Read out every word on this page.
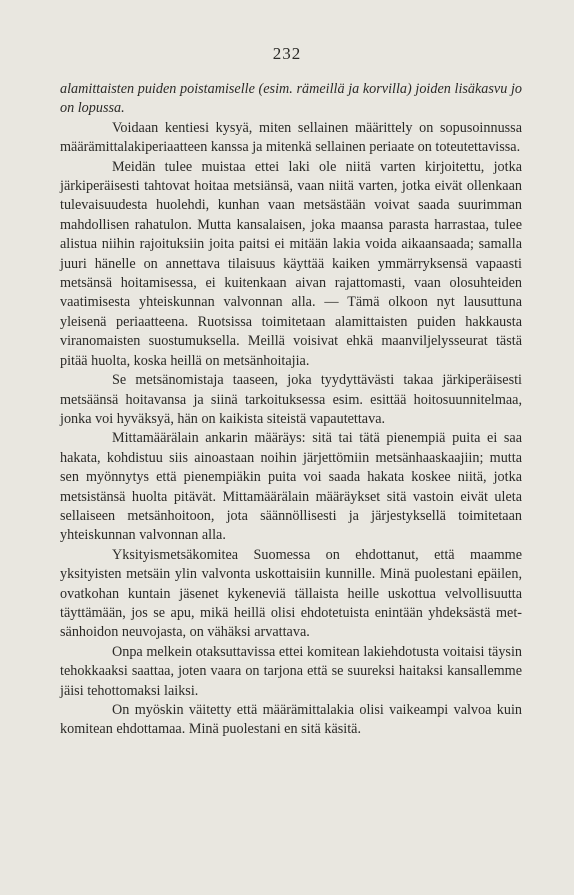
232

alamittaisten puiden poistamiselle (esim. rämeillä ja korvilla) joiden lisäkasvu jo on lopussa.

Voidaan kentiesi kysyä, miten sellainen määrittely on sopusoinnussa määrämittalakiperiaatteen kanssa ja mitenkä sellainen periaate on toteutettavissa.

Meidän tulee muistaa ettei laki ole niitä varten kirjoitettu, jotka järkiperäisesti tahtovat hoitaa metsiänsä, vaan niitä varten, jotka eivät ollenkaan tulevaisuudesta huolehdi, kunhan vaan metsästään voivat saada suurimman mahdollisen rahatulon. Mutta kansalaisen, joka maansa parasta harrastaa, tulee alistua niihin rajoituksiin joita paitsi ei mitään lakia voida aikaansaada; samalla juuri hänelle on annettava tilaisuus käyttää kaiken ymmärryksensä vapaasti metsänsä hoitamisessa, ei kuitenkaan aivan rajattomasti, vaan olosuhteiden vaatimisesta yhteiskunnan valvonnan alla. — Tämä olkoon nyt lausuttuna yleisenä periaatteena. Ruotsissa toimitetaan alamittaisten puiden hakkausta viranomaisten suostumuksella. Meillä voisivat ehkä maanviljelysseurat tästä pitää huolta, koska heillä on metsänhoitajia.

Se metsänomistaja taaseen, joka tyydyttävästi takaa järkiperäisesti metsäänsä hoitavansa ja siinä tarkoituksessa esim. esittää hoitosuunnitelmaa, jonka voi hyväksyä, hän on kaikista siteistä vapautettava.

Mittamäärälain ankarin määräys: sitä tai tätä pienempiä puita ei saa hakata, kohdistuu siis ainoastaan noihin järjettömiin metsänhaaskaajiin; mutta sen myönnytys että pienempiäkin puita voi saada hakata koskee niitä, jotka metsistänsä huolta pitävät. Mittamäärälain määräykset sitä vastoin eivät uleta sellaiseen metsänhoitoon, jota säännöllisesti ja järjestyksellä toimitetaan yhteiskunnan valvonnan alla.

Yksityismetsäkomitea Suomessa on ehdottanut, että maamme yksityisten metsäin ylin valvonta uskottaisiin kunnille. Minä puolestani epäilen, ovatkohan kuntain jäsenet kykeneviä tällaista heille uskottua velvollisuutta täyttämään, jos se apu, mikä heillä olisi ehdotetuista enintään yhdeksästä metsänhoidon neuvojasta, on vähäksi arvattava.

Onpa melkein otaksuttavissa ettei komitean lakiehdotusta voitaisi täysin tehokkaaksi saattaa, joten vaara on tarjona että se suureksi haitaksi kansallemme jäisi tehottomaksi laiksi.

On myöskin väitetty että määrämittalakia olisi vaikeampi valvoa kuin komitean ehdottamaa. Minä puolestani en sitä käsitä.
